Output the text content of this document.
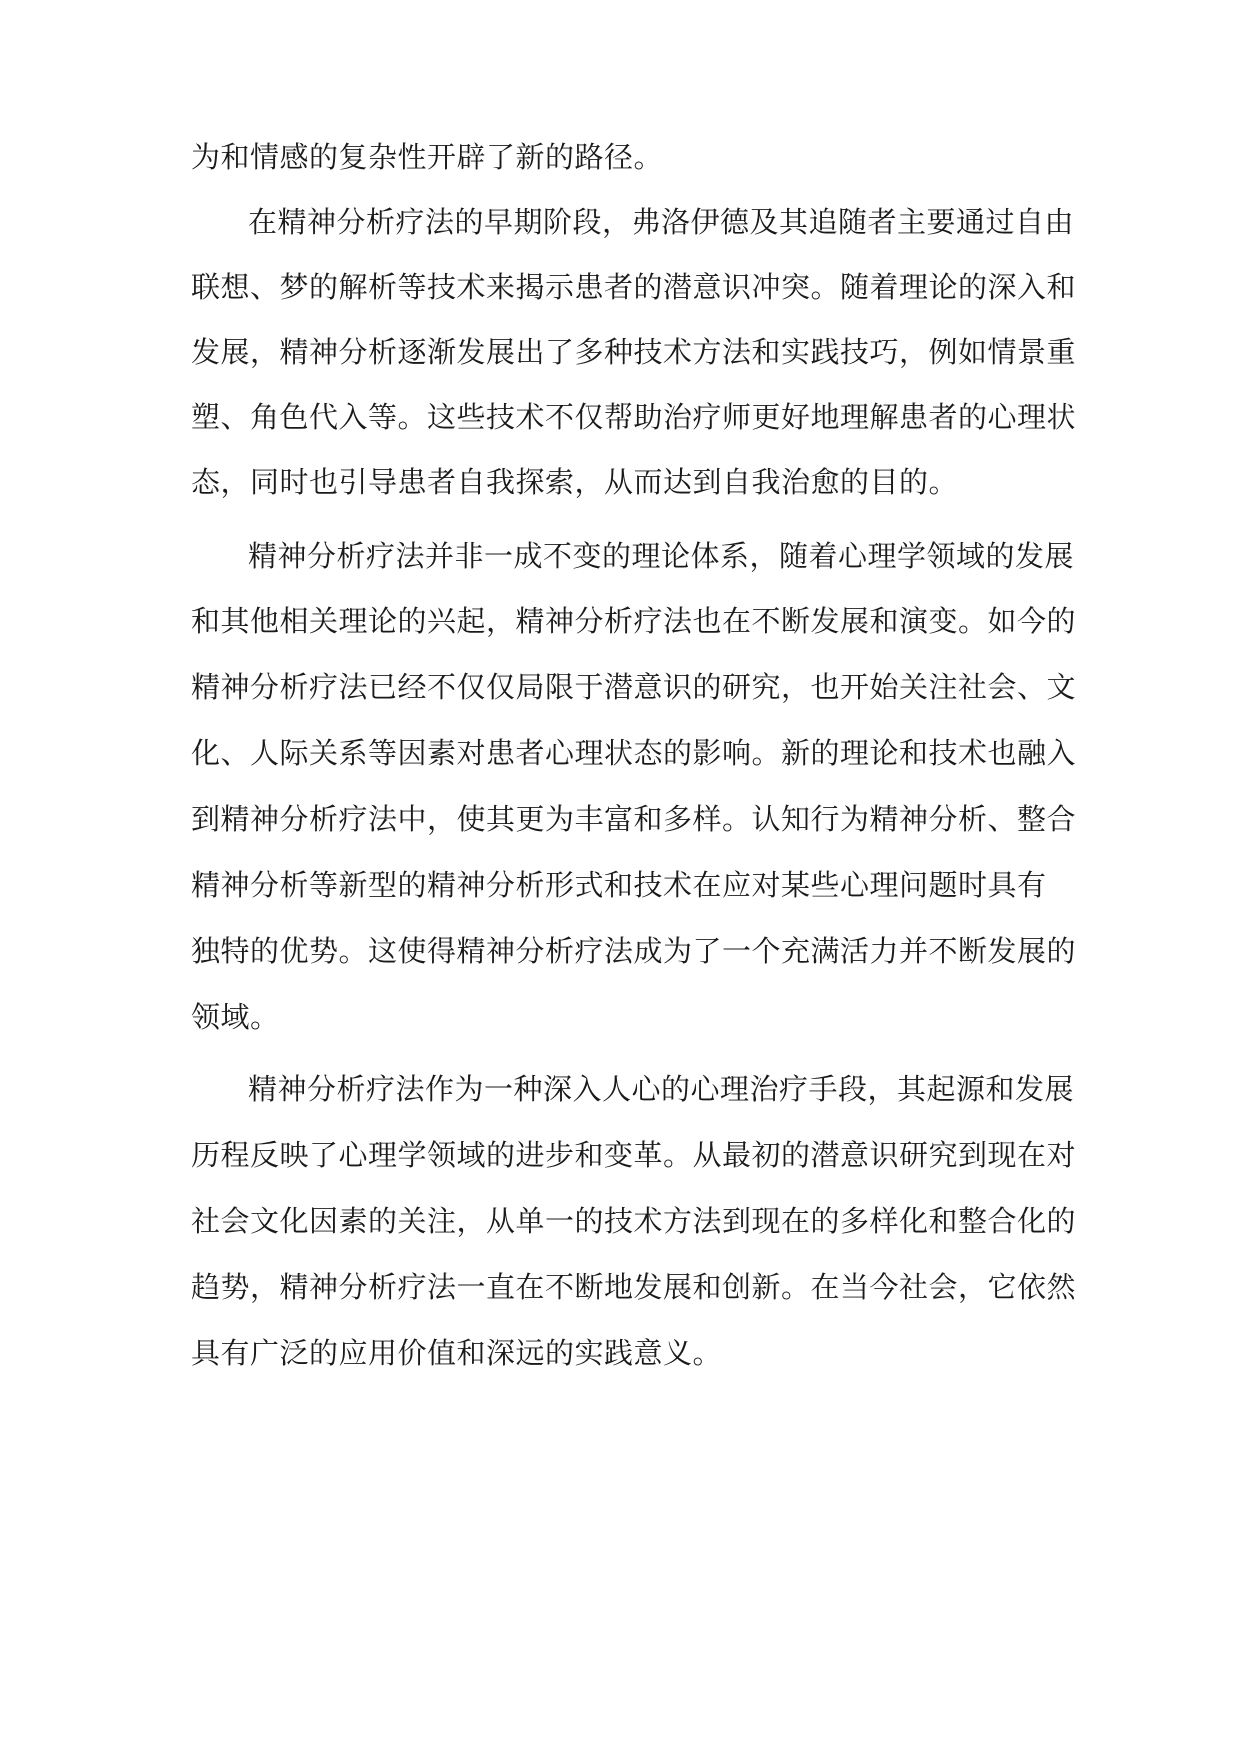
为和情感的复杂性开辟了新的路径。
在精神分析疗法的早期阶段，弗洛伊德及其追随者主要通过自由
联想、梦的解析等技术来揭示患者的潜意识冲突。随着理论的深入和
发展，精神分析逐渐发展出了多种技术方法和实践技巧，例如情景重
塑、角色代入等。这些技术不仅帮助治疗师更好地理解患者的心理状
态，同时也引导患者自我探索，从而达到自我治愈的目的。
精神分析疗法并非一成不变的理论体系，随着心理学领域的发展
和其他相关理论的兴起，精神分析疗法也在不断发展和演变。如今的
精神分析疗法已经不仅仅局限于潜意识的研究，也开始关注社会、文
化、人际关系等因素对患者心理状态的影响。新的理论和技术也融入
到精神分析疗法中，使其更为丰富和多样。认知行为精神分析、整合
精神分析等新型的精神分析形式和技术在应对某些心理问题时具有
独特的优势。这使得精神分析疗法成为了一个充满活力并不断发展的
领域。
精神分析疗法作为一种深入人心的心理治疗手段，其起源和发展
历程反映了心理学领域的进步和变革。从最初的潜意识研究到现在对
社会文化因素的关注，从单一的技术方法到现在的多样化和整合化的
趋势，精神分析疗法一直在不断地发展和创新。在当今社会，它依然
具有广泛的应用价值和深远的实践意义。
